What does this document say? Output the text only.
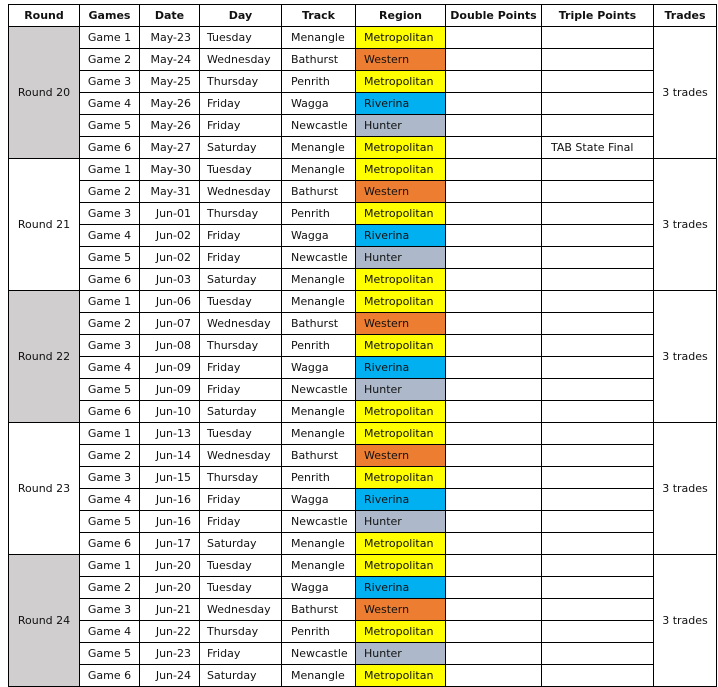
Round	Games	Date	Day	Track	Region	Double Points	Triple Points	Trades
Round 20	Game 1	May-23	Tuesday	Menangle	Metropolitan			3 trades
	Game 2	May-24	Wednesday	Bathurst	Western			
	Game 3	May-25	Thursday	Penrith	Metropolitan			
	Game 4	May-26	Friday	Wagga	Riverina			
	Game 5	May-26	Friday	Newcastle	Hunter			
	Game 6	May-27	Saturday	Menangle	Metropolitan		TAB State Final	
Round 21	Game 1	May-30	Tuesday	Menangle	Metropolitan			3 trades
	Game 2	May-31	Wednesday	Bathurst	Western			
	Game 3	Jun-01	Thursday	Penrith	Metropolitan			
	Game 4	Jun-02	Friday	Wagga	Riverina			
	Game 5	Jun-02	Friday	Newcastle	Hunter			
	Game 6	Jun-03	Saturday	Menangle	Metropolitan			
Round 22	Game 1	Jun-06	Tuesday	Menangle	Metropolitan			3 trades
	Game 2	Jun-07	Wednesday	Bathurst	Western			
	Game 3	Jun-08	Thursday	Penrith	Metropolitan			
	Game 4	Jun-09	Friday	Wagga	Riverina			
	Game 5	Jun-09	Friday	Newcastle	Hunter			
	Game 6	Jun-10	Saturday	Menangle	Metropolitan			
Round 23	Game 1	Jun-13	Tuesday	Menangle	Metropolitan			3 trades
	Game 2	Jun-14	Wednesday	Bathurst	Western			
	Game 3	Jun-15	Thursday	Penrith	Metropolitan			
	Game 4	Jun-16	Friday	Wagga	Riverina			
	Game 5	Jun-16	Friday	Newcastle	Hunter			
	Game 6	Jun-17	Saturday	Menangle	Metropolitan			
Round 24	Game 1	Jun-20	Tuesday	Menangle	Metropolitan			3 trades
	Game 2	Jun-20	Tuesday	Wagga	Riverina			
	Game 3	Jun-21	Wednesday	Bathurst	Western			
	Game 4	Jun-22	Thursday	Penrith	Metropolitan			
	Game 5	Jun-23	Friday	Newcastle	Hunter			
	Game 6	Jun-24	Saturday	Menangle	Metropolitan			
